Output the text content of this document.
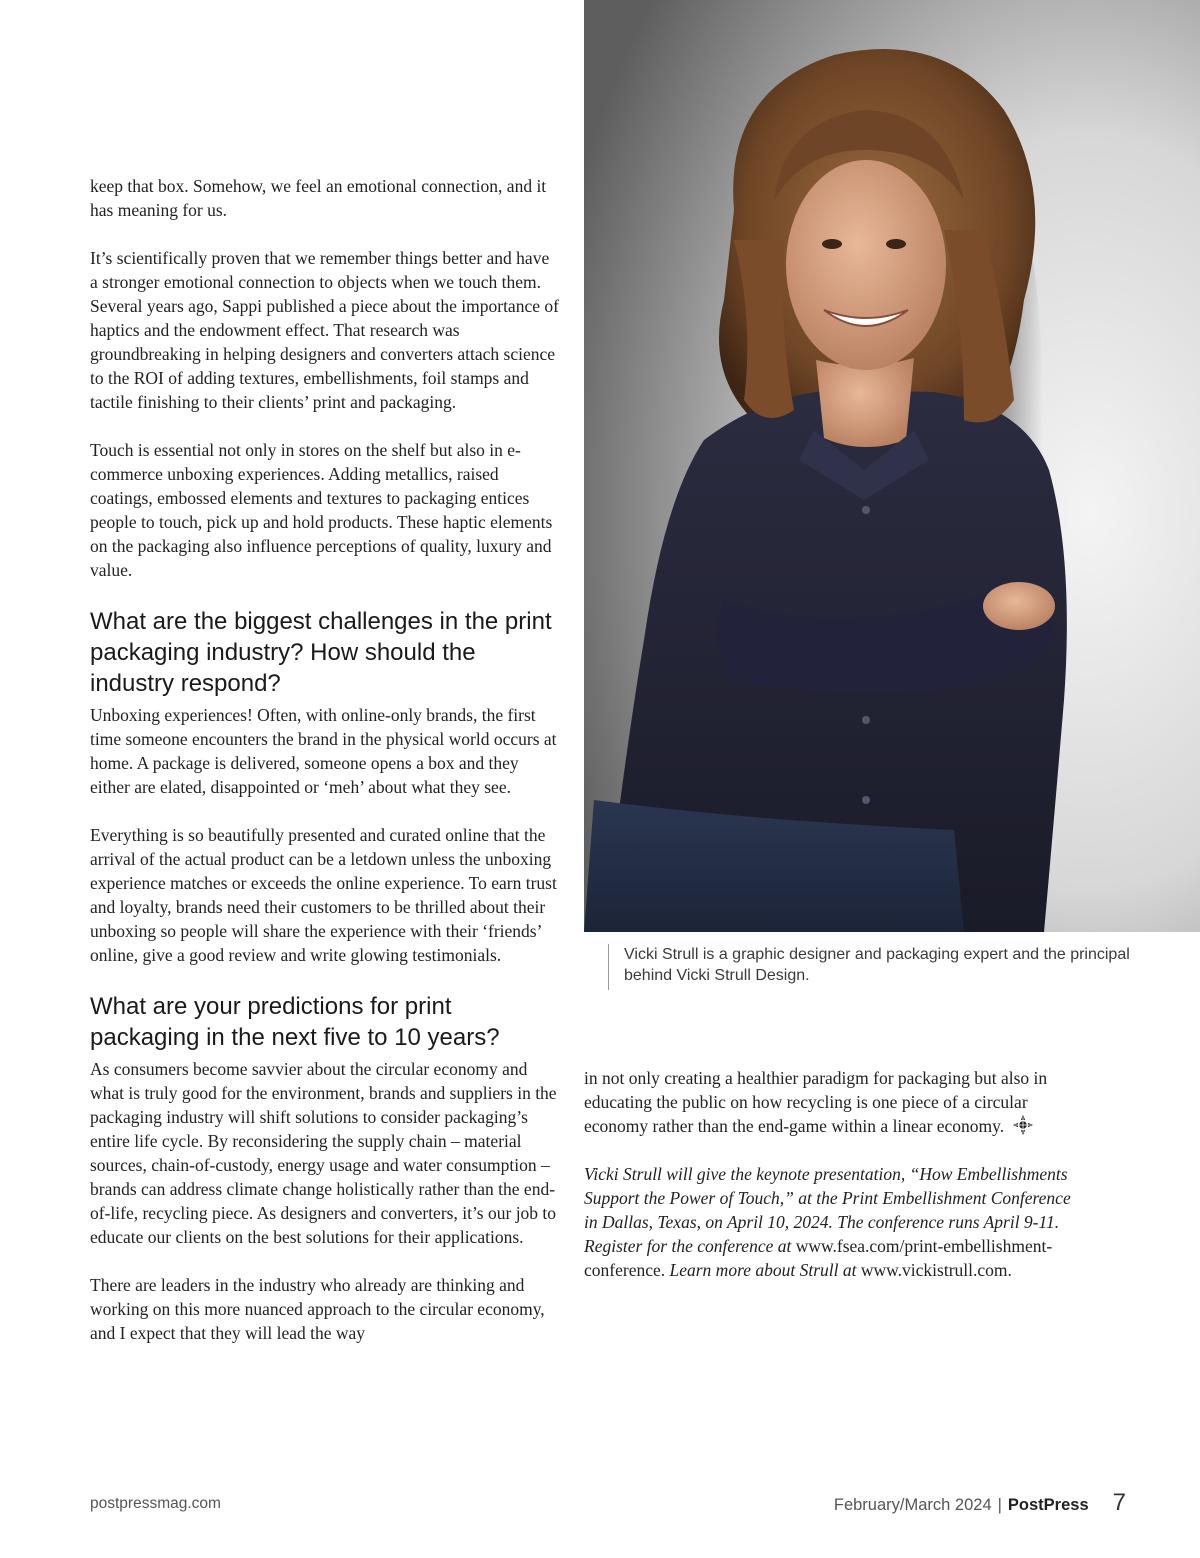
keep that box. Somehow, we feel an emotional connection, and it has meaning for us.

It’s scientifically proven that we remember things better and have a stronger emotional connection to objects when we touch them. Several years ago, Sappi published a piece about the importance of haptics and the endowment effect. That research was groundbreaking in helping designers and converters attach science to the ROI of adding textures, embellishments, foil stamps and tactile finishing to their clients’ print and packaging.

Touch is essential not only in stores on the shelf but also in e-commerce unboxing experiences. Adding metallics, raised coatings, embossed elements and textures to packaging entices people to touch, pick up and hold products. These haptic elements on the packaging also influence perceptions of quality, luxury and value.

What are the biggest challenges in the print packaging industry? How should the industry respond?

Unboxing experiences! Often, with online-only brands, the first time someone encounters the brand in the physical world occurs at home. A package is delivered, someone opens a box and they either are elated, disappointed or ‘meh’ about what they see.

Everything is so beautifully presented and curated online that the arrival of the actual product can be a letdown unless the unboxing experience matches or exceeds the online experience. To earn trust and loyalty, brands need their customers to be thrilled about their unboxing so people will share the experience with their ‘friends’ online, give a good review and write glowing testimonials.

What are your predictions for print packaging in the next five to 10 years?

As consumers become savvier about the circular economy and what is truly good for the environment, brands and suppliers in the packaging industry will shift solutions to consider packaging’s entire life cycle. By reconsidering the supply chain – material sources, chain-of-custody, energy usage and water consumption – brands can address climate change holistically rather than the end-of-life, recycling piece. As designers and converters, it’s our job to educate our clients on the best solutions for their applications.

There are leaders in the industry who already are thinking and working on this more nuanced approach to the circular economy, and I expect that they will lead the way

Vicki Strull is a graphic designer and packaging expert and the principal behind Vicki Strull Design.

in not only creating a healthier paradigm for packaging but also in educating the public on how recycling is one piece of a circular economy rather than the end-game within a linear economy.

Vicki Strull will give the keynote presentation, “How Embellishments Support the Power of Touch,” at the Print Embellishment Conference in Dallas, Texas, on April 10, 2024. The conference runs April 9-11. Register for the conference at www.fsea.com/print-embellishment-conference. Learn more about Strull at www.vickistrull.com.

postpressmag.com	February/March 2024 | PostPress 7
